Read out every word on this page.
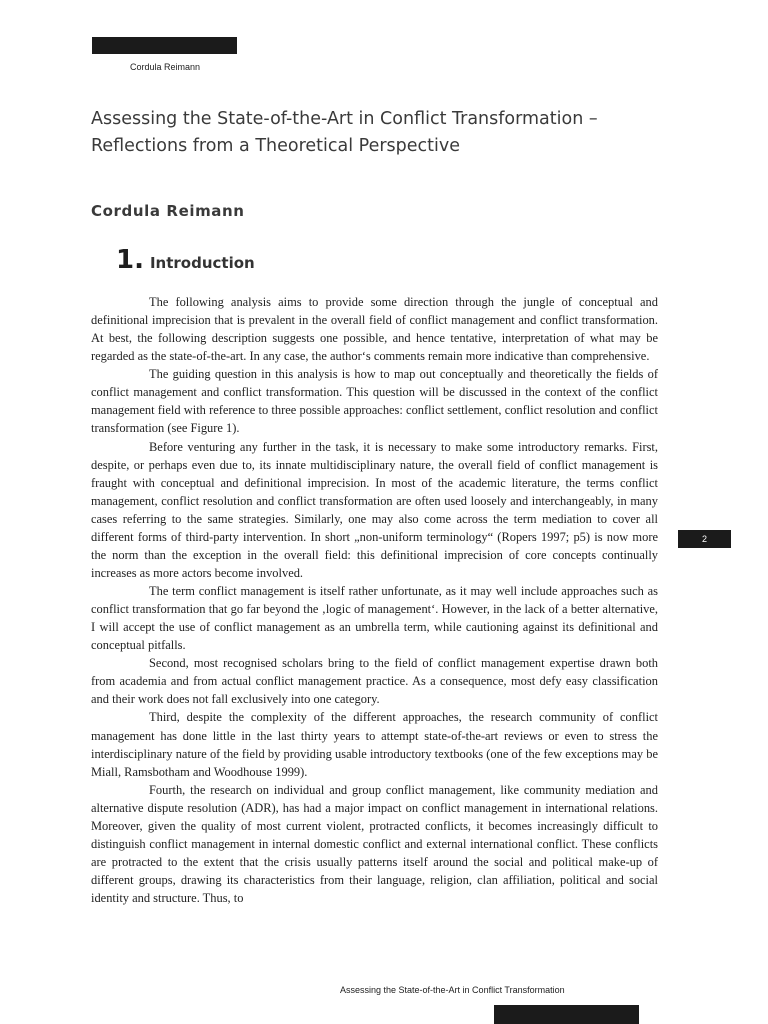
Cordula Reimann
Assessing the State-of-the-Art in Conflict Transformation – Reflections from a Theoretical Perspective
Cordula Reimann
1. Introduction

The following analysis aims to provide some direction through the jungle of conceptual and definitional imprecision that is prevalent in the overall field of conflict management and conflict transformation. At best, the following description suggests one possible, and hence tentative, interpretation of what may be regarded as the state-of-the-art. In any case, the author‘s comments remain more indicative than comprehensive.

The guiding question in this analysis is how to map out conceptually and theoretically the fields of conflict management and conflict transformation. This question will be discussed in the context of the conflict management field with reference to three possible approaches: conflict settlement, conflict resolution and conflict transformation (see Figure 1).

Before venturing any further in the task, it is necessary to make some introductory remarks. First, despite, or perhaps even due to, its innate multidisciplinary nature, the overall field of conflict management is fraught with conceptual and definitional imprecision. In most of the academic literature, the terms conflict management, conflict resolution and conflict transformation are often used loosely and interchangeably, in many cases referring to the same strategies. Similarly, one may also come across the term mediation to cover all different forms of third-party intervention. In short „non-uniform terminology“ (Ropers 1997; p5) is now more the norm than the exception in the overall field: this definitional imprecision of core concepts continually increases as more actors become involved.

The term conflict management is itself rather unfortunate, as it may well include approaches such as conflict transformation that go far beyond the ‚logic of management‘. However, in the lack of a better alternative, I will accept the use of conflict management as an umbrella term, while cautioning against its definitional and conceptual pitfalls.

Second, most recognised scholars bring to the field of conflict management expertise drawn both from academia and from actual conflict management practice. As a consequence, most defy easy classification and their work does not fall exclusively into one category.

Third, despite the complexity of the different approaches, the research community of conflict management has done little in the last thirty years to attempt state-of-the-art reviews or even to stress the interdisciplinary nature of the field by providing usable introductory textbooks (one of the few exceptions may be Miall, Ramsbotham and Woodhouse 1999).

Fourth, the research on individual and group conflict management, like community mediation and alternative dispute resolution (ADR), has had a major impact on conflict management in international relations. Moreover, given the quality of most current violent, protracted conflicts, it becomes increasingly difficult to distinguish conflict management in internal domestic conflict and external international conflict. These conflicts are protracted to the extent that the crisis usually patterns itself around the social and political make-up of different groups, drawing its characteristics from their language, religion, clan affiliation, political and social identity and structure. Thus, to

2
Assessing the State-of-the-Art in Conflict Transformation
